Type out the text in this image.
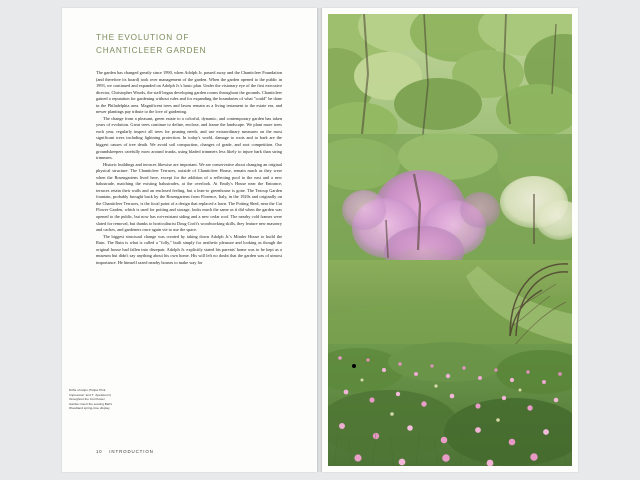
THE EVOLUTION OF CHANTICLEER GARDEN

The garden has changed greatly since 1990, when Adolph Jr. passed away and the Chanticleer Foundation (and therefore its board) took over management of the garden. When the garden opened to the public in 1993, we continued and expanded on Adolph Jr.'s basic plan. Under the visionary eye of the first executive director, Christopher Woods, the staff began developing garden rooms throughout the grounds. Chanticleer gained a reputation for gardening without rules and for expanding the boundaries of what "could" be done in the Philadelphia area. Magnificent trees and lawns remain as a living testament to the estate era, and newer plantings pay tribute to the love of gardening.

The change from a pleasant, green estate to a colorful, dynamic, and contemporary garden has taken years of evolution. Great trees continue to define, enclose, and frame the landscape. We plant more trees each year, regularly inspect all trees for pruning needs, and use extraordinary measures on the most significant trees including lightning protection. In today's world, damage to roots and to bark are the biggest causes of tree death. We avoid soil compaction, changes of grade, and root competition. Our groundskeepers carefully mow around trunks, using bladed trimmers less likely to injure bark than string trimmers.

Historic buildings and terraces likewise are important. We are conservative about changing an original physical structure. The Chanticleer Terraces, outside of Chanticleer House, remain much as they were when the Rosengartens lived here, except for the addition of a reflecting pool to the east and a new balustrade, matching the existing balustrades, at the overlook. At Emily's House near the Entrance, terraces retain their walls and an enclosed feeling, but a lean-to greenhouse is gone. The Teacup Garden fountain, probably brought back by the Rosengartens from Florence, Italy, in the 1920s and originally on the Chanticleer Terraces, is the focal point of a design that replaced a lawn. The Potting Shed, near the Cut Flower Garden, which is used for potting and storage, looks much the same as it did when the garden was opened to the public, but now has rot-resistant siding and a new cedar roof. The nearby cold frames were slated for removal, but thanks to horticulturist Doug Croft's woodworking skills, they feature new masonry and caches, and gardeners once again vie to use the space.

The biggest structural change was created by taking down Adolph Jr.'s Minder House to build the Ruin. The Ruin is what is called a "folly," built simply for aesthetic pleasure and looking as though the original house had fallen into disrepair. Adolph Jr. explicitly stated his parents' home was to be kept as a museum but didn't say anything about his own home. His will left no doubt that the garden was of utmost importance. He himself razed nearby houses to make way for

Drifts of tulips (Tulipa 'Pink Impression' and T. 'Apeldoorn') throughout the Cut Flower Garden insert the soaring Bell's Woodland spring-time display.
10 INTRODUCTION
